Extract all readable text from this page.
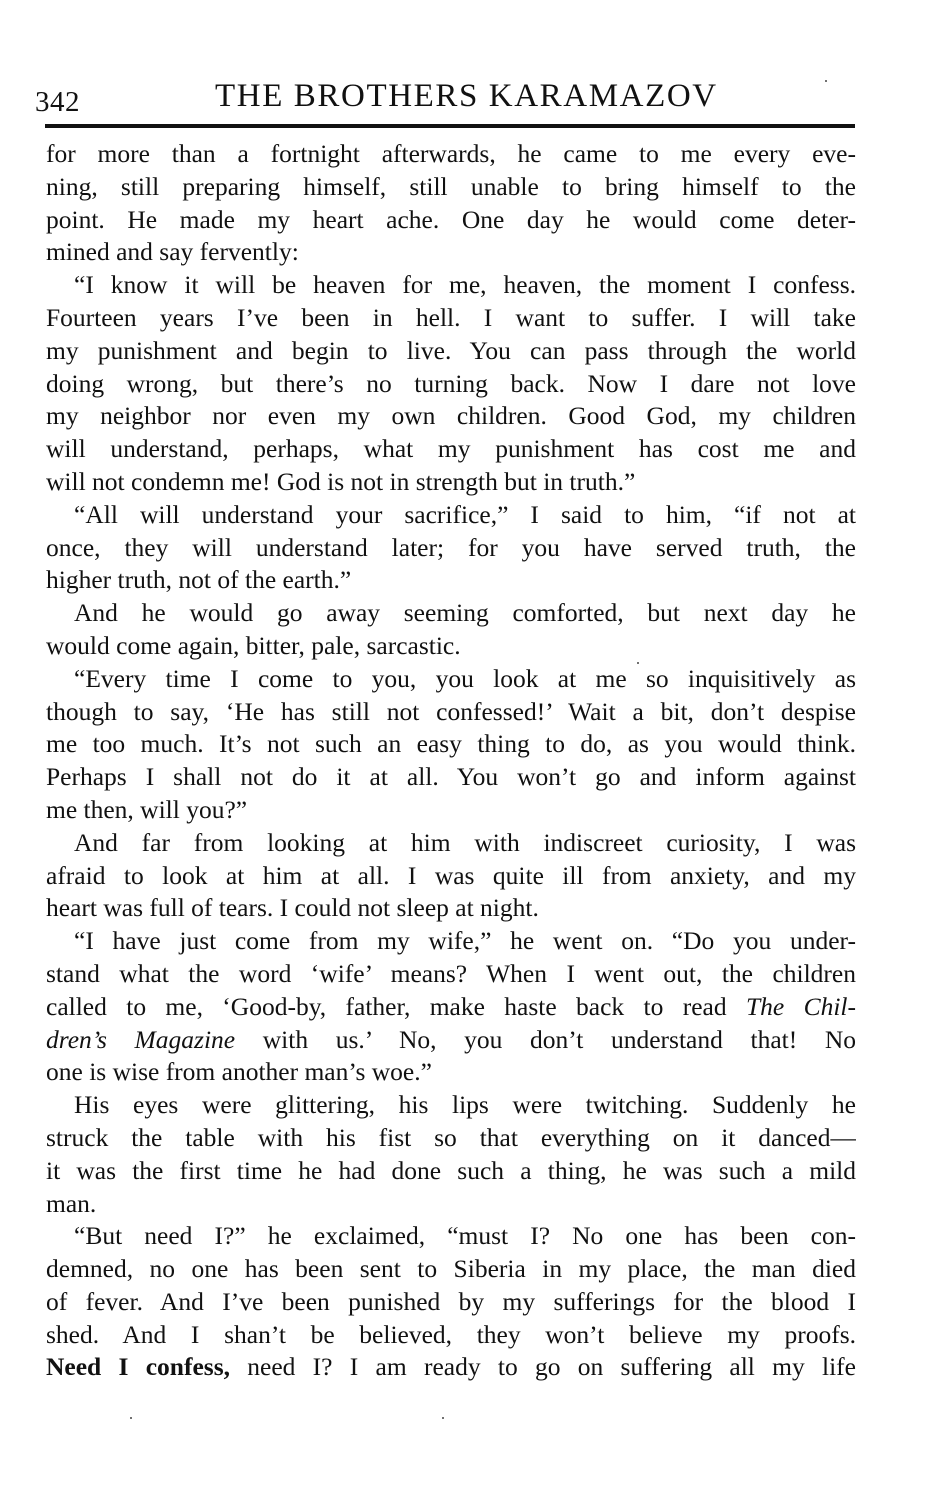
342	THE BROTHERS KARAMAZOV
for more than a fortnight afterwards, he came to me every eve-
ning, still preparing himself, still unable to bring himself to the
point. He made my heart ache. One day he would come deter-
mined and say fervently:
“I know it will be heaven for me, heaven, the moment I confess.
Fourteen years I’ve been in hell. I want to suffer. I will take
my punishment and begin to live. You can pass through the world
doing wrong, but there’s no turning back. Now I dare not love
my neighbor nor even my own children. Good God, my children
will understand, perhaps, what my punishment has cost me and
will not condemn me! God is not in strength but in truth.”
“All will understand your sacrifice,” I said to him, “if not at
once, they will understand later; for you have served truth, the
higher truth, not of the earth.”
And he would go away seeming comforted, but next day he
would come again, bitter, pale, sarcastic.
“Every time I come to you, you look at me so inquisitively as
though to say, ‘He has still not confessed!’ Wait a bit, don’t despise
me too much. It’s not such an easy thing to do, as you would think.
Perhaps I shall not do it at all. You won’t go and inform against
me then, will you?”
And far from looking at him with indiscreet curiosity, I was
afraid to look at him at all. I was quite ill from anxiety, and my
heart was full of tears. I could not sleep at night.
“I have just come from my wife,” he went on. “Do you under-
stand what the word ‘wife’ means? When I went out, the children
called to me, ‘Good-by, father, make haste back to read The Chil-
dren’s Magazine with us.’ No, you don’t understand that! No
one is wise from another man’s woe.”
His eyes were glittering, his lips were twitching. Suddenly he
struck the table with his fist so that everything on it danced—
it was the first time he had done such a thing, he was such a mild
man.
“But need I?” he exclaimed, “must I? No one has been con-
demned, no one has been sent to Siberia in my place, the man died
of fever. And I’ve been punished by my sufferings for the blood I
shed. And I shan’t be believed, they won’t believe my proofs.
Need I confess, need I? I am ready to go on suffering all my life
